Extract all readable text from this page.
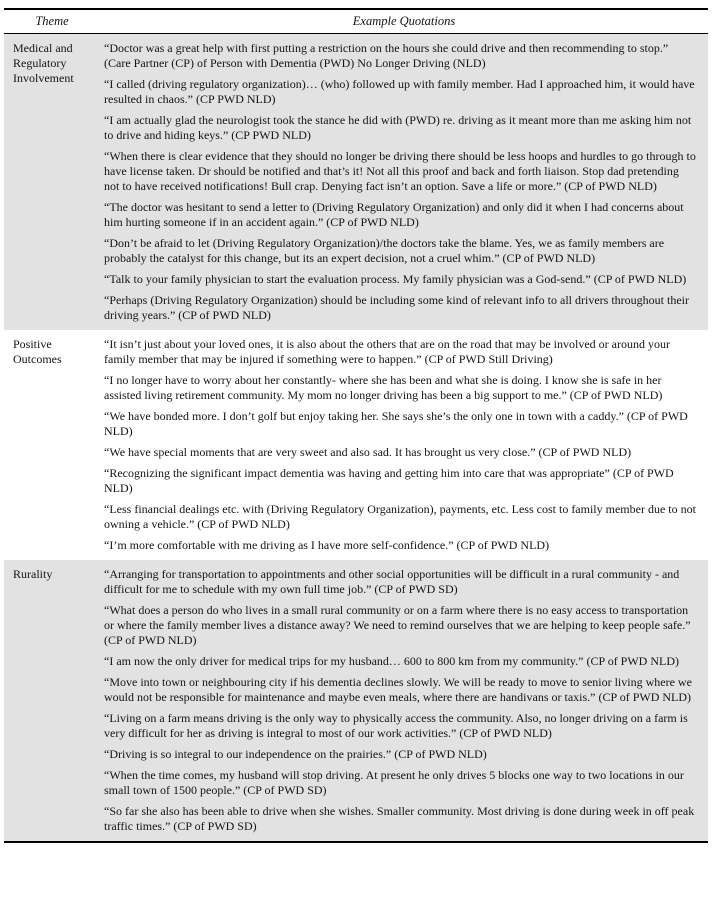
Theme	Example Quotations
Medical and Regulatory Involvement

“Doctor was a great help with first putting a restriction on the hours she could drive and then recommending to stop.” (Care Partner (CP) of Person with Dementia (PWD) No Longer Driving (NLD)

“I called (driving regulatory organization)… (who) followed up with family member. Had I approached him, it would have resulted in chaos.” (CP PWD NLD)

“I am actually glad the neurologist took the stance he did with (PWD) re. driving as it meant more than me asking him not to drive and hiding keys.” (CP PWD NLD)

“When there is clear evidence that they should no longer be driving there should be less hoops and hurdles to go through to have license taken. Dr should be notified and that’s it! Not all this proof and back and forth liaison. Stop dad pretending not to have received notifications! Bull crap. Denying fact isn’t an option. Save a life or more.” (CP of PWD NLD)

“The doctor was hesitant to send a letter to (Driving Regulatory Organization) and only did it when I had concerns about him hurting someone if in an accident again.” (CP of PWD NLD)

“Don’t be afraid to let (Driving Regulatory Organization)/the doctors take the blame. Yes, we as family members are probably the catalyst for this change, but its an expert decision, not a cruel whim.” (CP of PWD NLD)

“Talk to your family physician to start the evaluation process. My family physician was a God-send.” (CP of PWD NLD)

“Perhaps (Driving Regulatory Organization) should be including some kind of relevant info to all drivers throughout their driving years.” (CP of PWD NLD)

Positive Outcomes

“It isn’t just about your loved ones, it is also about the others that are on the road that may be involved or around your family member that may be injured if something were to happen.” (CP of PWD Still Driving)

“I no longer have to worry about her constantly- where she has been and what she is doing. I know she is safe in her assisted living retirement community. My mom no longer driving has been a big support to me.” (CP of PWD NLD)

“We have bonded more. I don’t golf but enjoy taking her. She says she’s the only one in town with a caddy.” (CP of PWD NLD)

“We have special moments that are very sweet and also sad. It has brought us very close.” (CP of PWD NLD)

“Recognizing the significant impact dementia was having and getting him into care that was appropriate” (CP of PWD NLD)

“Less financial dealings etc. with (Driving Regulatory Organization), payments, etc. Less cost to family member due to not owning a vehicle.” (CP of PWD NLD)

“I’m more comfortable with me driving as I have more self-confidence.” (CP of PWD NLD)

Rurality	“Arranging for transportation to appointments and other social opportunities will be difficult in a rural community - and difficult for me to schedule with my own full time job.” (CP of PWD SD)

“What does a person do who lives in a small rural community or on a farm where there is no easy access to transportation or where the family member lives a distance away? We need to remind ourselves that we are helping to keep people safe.” (CP of PWD NLD)

“I am now the only driver for medical trips for my husband… 600 to 800 km from my community.” (CP of PWD NLD)

“Move into town or neighbouring city if his dementia declines slowly. We will be ready to move to senior living where we would not be responsible for maintenance and maybe even meals, where there are handivans or taxis.” (CP of PWD NLD)

“Living on a farm means driving is the only way to physically access the community. Also, no longer driving on a farm is very difficult for her as driving is integral to most of our work activities.” (CP of PWD NLD)

“Driving is so integral to our independence on the prairies.” (CP of PWD NLD)

“When the time comes, my husband will stop driving. At present he only drives 5 blocks one way to two locations in our small town of 1500 people.” (CP of PWD SD)

“So far she also has been able to drive when she wishes. Smaller community. Most driving is done during week in off peak traffic times.” (CP of PWD SD)
